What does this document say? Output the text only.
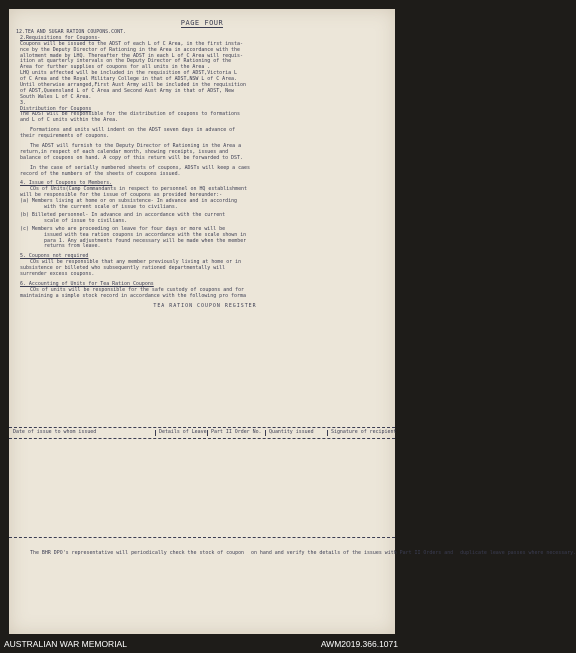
PAGE FOUR
12.TEA AND SUGAR RATION COUPONS.CONT.
2.Requisitions for Coupons-
Coupons will be issued to the ADST of each L of C Area, in the first insta-
nce by the Deputy Director of Rationing in the Area in accordance with the
allotment made by LHQ. Thereafter the ADST in each L of C Area will requis-
ition at quarterly intervals on the Deputy Director of Rationing of the
Area for further supplies of coupons for all units in the Area .
LHQ units affected will be included in the requisition of ADST,Victoria L
of C Area and the Royal Military College in that of ADST,NSW L of C Area.
Until otherwise arranged,First Aust Army will be included in the requisition
of ADST,Queensland L of C Area and Second Aust Army in that of ADST, New
South Wales L of C Area.
3.
Distribution for Coupons
The ADST will be responsible for the distribution of coupons to formations
and L of C units within the Area.
Formations and units will indent on the ADST seven days in advance of
their requirements of coupons.
The ADST will furnish to the Deputy Director of Rationing in the Area a
return,in respect of each calendar month, showing receipts, issues and
balance of coupons on hand. A copy of this return will be forwarded to DST.
In the case of serially numbered sheets of coupons, ADSTs will keep a caes
record of the numbers of the sheets of coupons issued.
4. Issue of Coupons to Members.
COs of Units(Camp Commandants in respect to personnel on HQ establishment
will be responsible for the issue of coupons as provided hereunder:-
(a) Members living at home or on subsistence- In advance and in according
with the current scale of issue to civilians.
(b) Billeted personnel- In advance and in accordance with the current
scale of issue to civilians.
(c) Members who are proceeding on leave for four days or more will be
issued with tea ration coupons in accordance with the scale shown in
para 1. Any adjustments found necessary will be made when the member
returns from leave.
5. Coupons not required
COs will be responsible that any member previously living at home or in
subsistence or billeted who subsequently rationed departmentally will
surrender excess coupons.
6. Accounting of Units for Tea Ration Coupons
COs of units will be responsible for the safe custody of coupons and for
maintaining a simple stock record in accordance with the following pro forma
TEA RATION COUPON REGISTER
Date of issue to whom issued	Details of Leave Part II Order No.	Quantity issued	Signature of recipient
The BHR DPO's representative will periodically check the stock of coupon on hand and verify the details of the issues with Part II Orders and duplicate leave passes where necessary.
AUSTRALIAN WAR MEMORIAL	AWM2019.366.1071
